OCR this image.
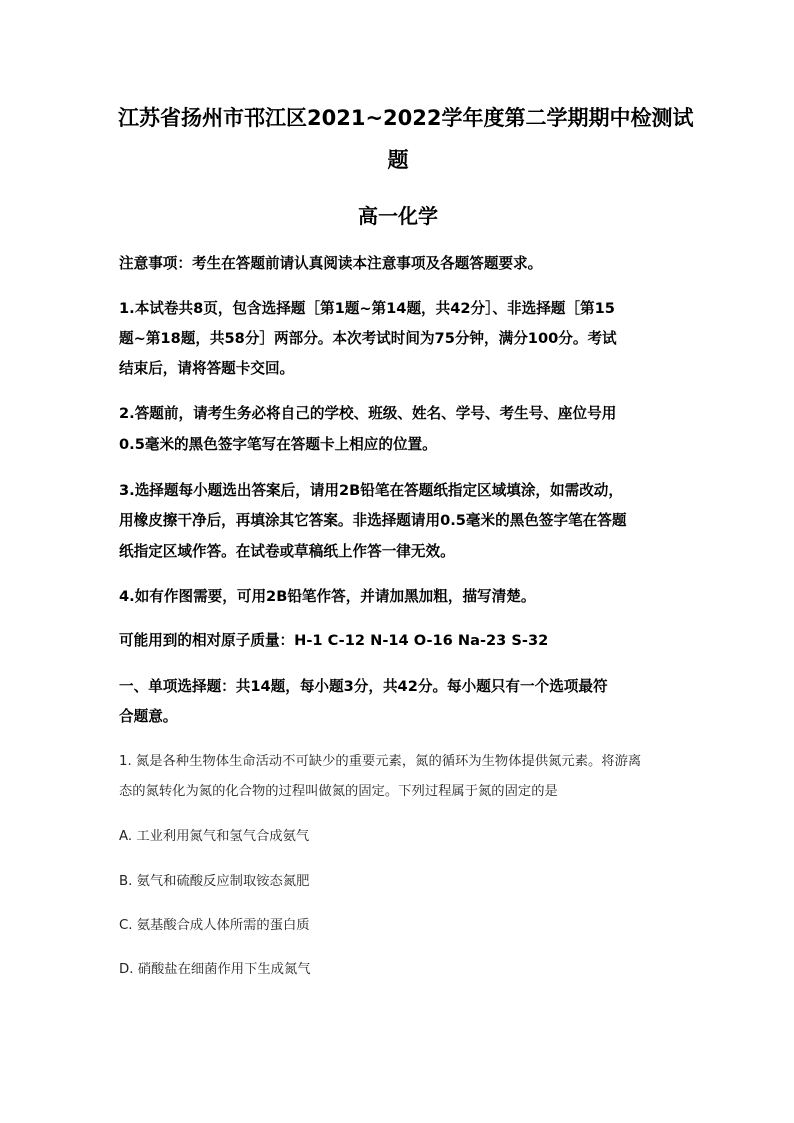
江苏省扬州市邗江区2021~2022学年度第二学期期中检测试
题
高一化学
注意事项：考生在答题前请认真阅读本注意事项及各题答题要求。
1.本试卷共8页，包含选择题［第1题~第14题，共42分］、非选择题［第15
题~第18题，共58分］两部分。本次考试时间为75分钟，满分100分。考试
结束后，请将答题卡交回。
2.答题前，请考生务必将自己的学校、班级、姓名、学号、考生号、座位号用
0.5毫米的黑色签字笔写在答题卡上相应的位置。
3.选择题每小题选出答案后，请用2B铅笔在答题纸指定区域填涂，如需改动，
用橡皮擦干净后，再填涂其它答案。非选择题请用0.5毫米的黑色签字笔在答题
纸指定区域作答。在试卷或草稿纸上作答一律无效。
4.如有作图需要，可用2B铅笔作答，并请加黑加粗，描写清楚。
可能用到的相对原子质量：H-1 C-12 N-14 O-16 Na-23 S-32
一、单项选择题：共14题，每小题3分，共42分。每小题只有一个选项最符
合题意。
1. 氮是各种生物体生命活动不可缺少的重要元素，氮的循环为生物体提供氮元素。将游离
态的氮转化为氮的化合物的过程叫做氮的固定。下列过程属于氮的固定的是
A. 工业利用氮气和氢气合成氨气
B. 氨气和硫酸反应制取铵态氮肥
C. 氨基酸合成人体所需的蛋白质
D. 硝酸盐在细菌作用下生成氮气
